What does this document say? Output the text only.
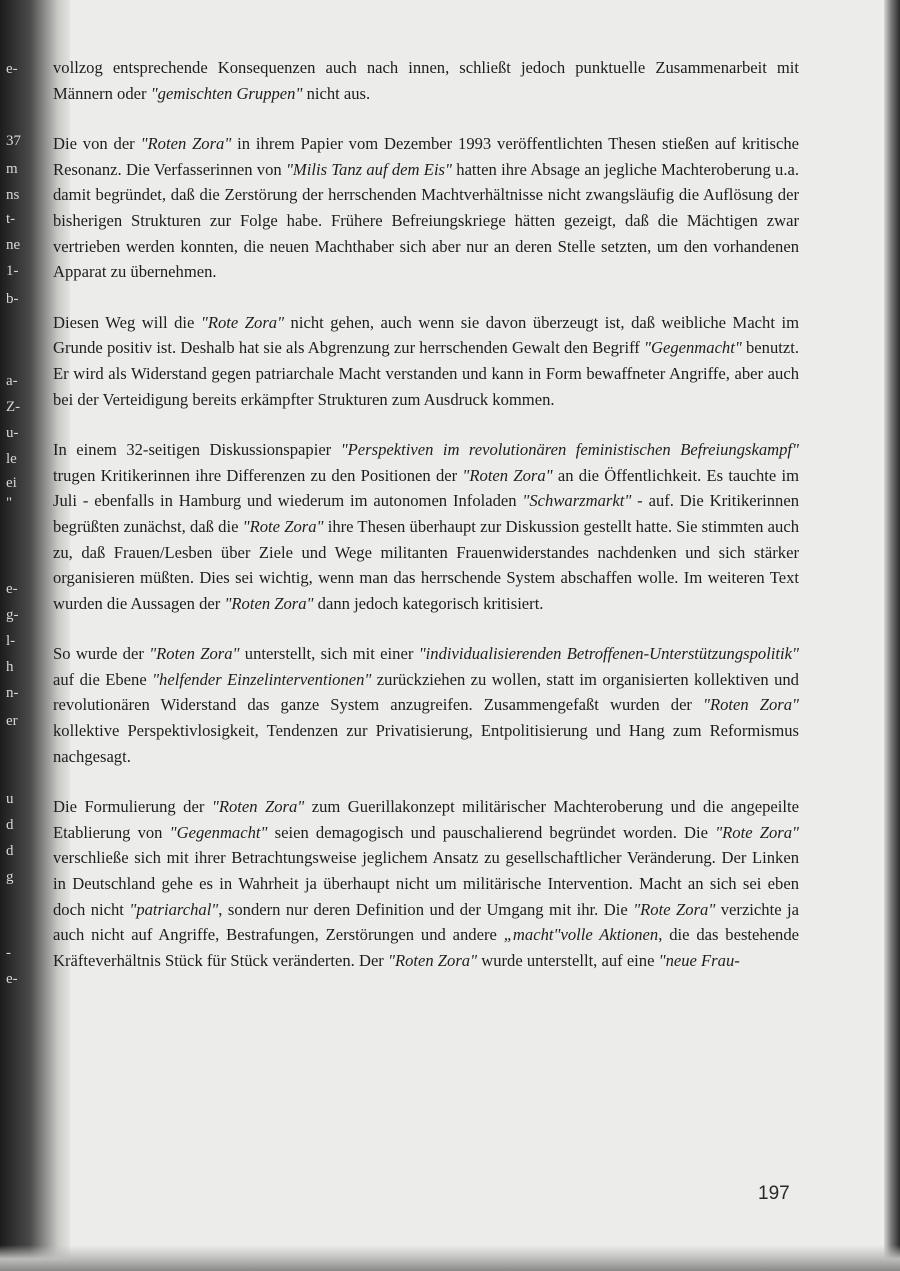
e-
37
m
ns
t-
ne
1-
b-
a-
Z-
u-
le
ei
"
e-
g-
l-
h
n-
er
u
d
d
g
-
e-

vollzog entsprechende Konsequenzen auch nach innen, schließt jedoch punktuelle Zusammenarbeit mit Männern oder "gemischten Gruppen" nicht aus.

Die von der "Roten Zora" in ihrem Papier vom Dezember 1993 veröffentlichten Thesen stießen auf kritische Resonanz. Die Verfasserinnen von "Milis Tanz auf dem Eis" hatten ihre Absage an jegliche Machteroberung u.a. damit begründet, daß die Zerstörung der herrschenden Machtverhältnisse nicht zwangsläufig die Auflösung der bisherigen Strukturen zur Folge habe. Frühere Befreiungskriege hätten gezeigt, daß die Mächtigen zwar vertrieben werden konnten, die neuen Machthaber sich aber nur an deren Stelle setzten, um den vorhandenen Apparat zu übernehmen.

Diesen Weg will die "Rote Zora" nicht gehen, auch wenn sie davon überzeugt ist, daß weibliche Macht im Grunde positiv ist. Deshalb hat sie als Abgrenzung zur herrschenden Gewalt den Begriff "Gegenmacht" benutzt. Er wird als Widerstand gegen patriarchale Macht verstanden und kann in Form bewaffneter Angriffe, aber auch bei der Verteidigung bereits erkämpfter Strukturen zum Ausdruck kommen.

In einem 32-seitigen Diskussionspapier "Perspektiven im revolutionären feministischen Befreiungskampf" trugen Kritikerinnen ihre Differenzen zu den Positionen der "Roten Zora" an die Öffentlichkeit. Es tauchte im Juli - ebenfalls in Hamburg und wiederum im autonomen Infoladen "Schwarzmarkt" - auf. Die Kritikerinnen begrüßten zunächst, daß die "Rote Zora" ihre Thesen überhaupt zur Diskussion gestellt hatte. Sie stimmten auch zu, daß Frauen/Lesben über Ziele und Wege militanten Frauenwiderstandes nachdenken und sich stärker organisieren müßten. Dies sei wichtig, wenn man das herrschende System abschaffen wolle. Im weiteren Text wurden die Aussagen der "Roten Zora" dann jedoch kategorisch kritisiert.

So wurde der "Roten Zora" unterstellt, sich mit einer "individualisierenden Betroffenen-Unterstützungspolitik" auf die Ebene "helfender Einzelinterventionen" zurückziehen zu wollen, statt im organisierten kollektiven und revolutionären Widerstand das ganze System anzugreifen. Zusammengefaßt wurden der "Roten Zora" kollektive Perspektivlosigkeit, Tendenzen zur Privatisierung, Entpolitisierung und Hang zum Reformismus nachgesagt.

Die Formulierung der "Roten Zora" zum Guerillakonzept militärischer Machteroberung und die angepeilte Etablierung von "Gegenmacht" seien demagogisch und pauschalierend begründet worden. Die "Rote Zora" verschließe sich mit ihrer Betrachtungsweise jeglichem Ansatz zu gesellschaftlicher Veränderung. Der Linken in Deutschland gehe es in Wahrheit ja überhaupt nicht um militärische Intervention. Macht an sich sei eben doch nicht "patriarchal", sondern nur deren Definition und der Umgang mit ihr. Die "Rote Zora" verzichte ja auch nicht auf Angriffe, Bestrafungen, Zerstörungen und andere „macht"volle Aktionen, die das bestehende Kräfteverhältnis Stück für Stück veränderten. Der "Roten Zora" wurde unterstellt, auf eine "neue Frau-

197
